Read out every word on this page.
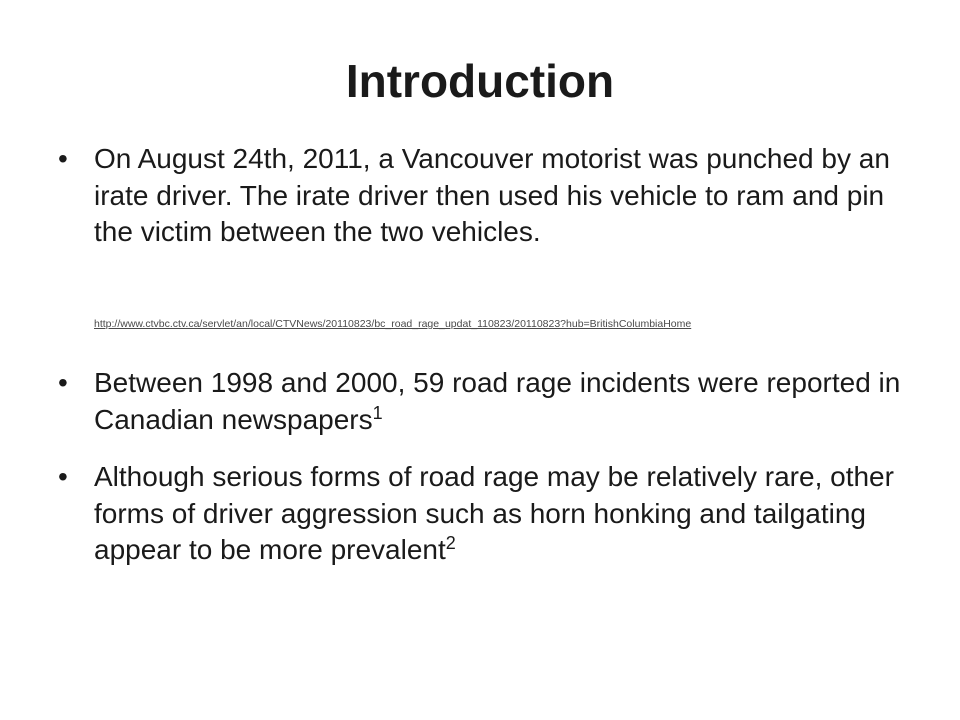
Introduction
• On August 24th, 2011, a Vancouver motorist was punched by an irate driver. The irate driver then used his vehicle to ram and pin the victim between the two vehicles.
http://www.ctvbc.ctv.ca/servlet/an/local/CTVNews/20110823/bc_road_rage_updat_110823/20110823?hub=BritishColumbiaHome
• Between 1998 and 2000, 59 road rage incidents were reported in Canadian newspapers$^1$
• Although serious forms of road rage may be relatively rare, other forms of driver aggression such as horn honking and tailgating appear to be more prevalent$^2$
